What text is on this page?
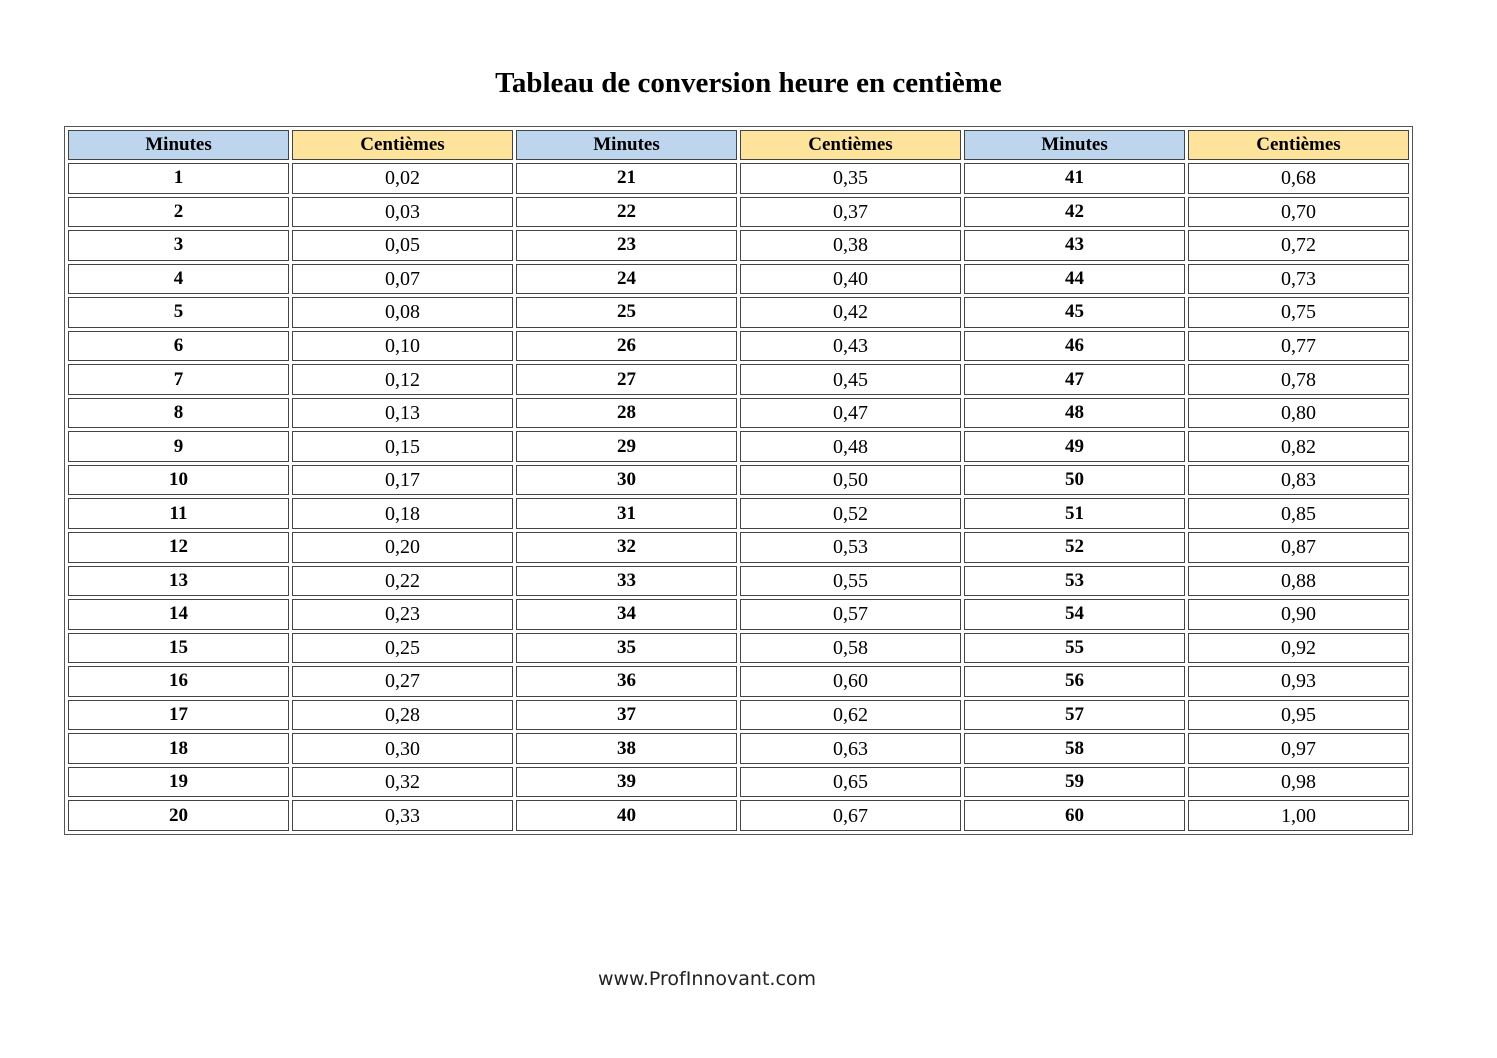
Tableau de conversion heure en centième
Minutes	Centièmes	Minutes	Centièmes	Minutes	Centièmes
1	0,02	21	0,35	41	0,68
2	0,03	22	0,37	42	0,70
3	0,05	23	0,38	43	0,72
4	0,07	24	0,40	44	0,73
5	0,08	25	0,42	45	0,75
6	0,10	26	0,43	46	0,77
7	0,12	27	0,45	47	0,78
8	0,13	28	0,47	48	0,80
9	0,15	29	0,48	49	0,82
10	0,17	30	0,50	50	0,83
11	0,18	31	0,52	51	0,85
12	0,20	32	0,53	52	0,87
13	0,22	33	0,55	53	0,88
14	0,23	34	0,57	54	0,90
15	0,25	35	0,58	55	0,92
16	0,27	36	0,60	56	0,93
17	0,28	37	0,62	57	0,95
18	0,30	38	0,63	58	0,97
19	0,32	39	0,65	59	0,98
20	0,33	40	0,67	60	1,00
www.ProfInnovant.com
